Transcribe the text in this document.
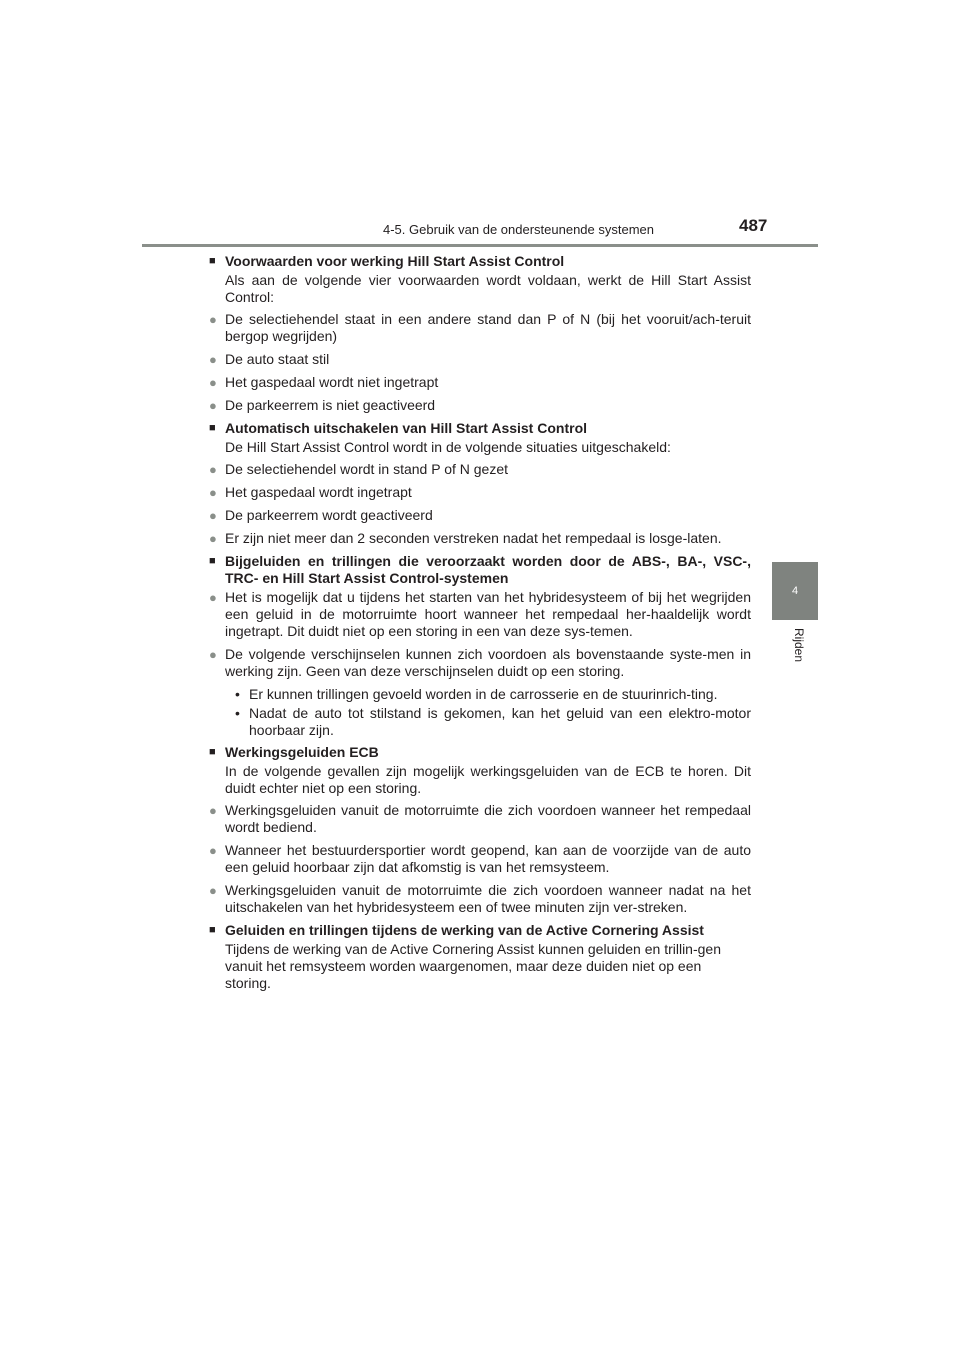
4-5. Gebruik van de ondersteunende systemen	487
4
Rijden
■ Voorwaarden voor werking Hill Start Assist Control
Als aan de volgende vier voorwaarden wordt voldaan, werkt de Hill Start Assist Control:
● De selectiehendel staat in een andere stand dan P of N (bij het vooruit/ach-teruit bergop wegrijden)
● De auto staat stil
● Het gaspedaal wordt niet ingetrapt
● De parkeerrem is niet geactiveerd
■ Automatisch uitschakelen van Hill Start Assist Control
De Hill Start Assist Control wordt in de volgende situaties uitgeschakeld:
● De selectiehendel wordt in stand P of N gezet
● Het gaspedaal wordt ingetrapt
● De parkeerrem wordt geactiveerd
● Er zijn niet meer dan 2 seconden verstreken nadat het rempedaal is losge-laten.
■ Bijgeluiden en trillingen die veroorzaakt worden door de ABS-, BA-, VSC-, TRC- en Hill Start Assist Control-systemen
● Het is mogelijk dat u tijdens het starten van het hybridesysteem of bij het wegrijden een geluid in de motorruimte hoort wanneer het rempedaal her-haaldelijk wordt ingetrapt. Dit duidt niet op een storing in een van deze sys-temen.
● De volgende verschijnselen kunnen zich voordoen als bovenstaande syste-men in werking zijn. Geen van deze verschijnselen duidt op een storing.
• Er kunnen trillingen gevoeld worden in de carrosserie en de stuurinrich-ting.
• Nadat de auto tot stilstand is gekomen, kan het geluid van een elektro-motor hoorbaar zijn.
■ Werkingsgeluiden ECB
In de volgende gevallen zijn mogelijk werkingsgeluiden van de ECB te horen. Dit duidt echter niet op een storing.
● Werkingsgeluiden vanuit de motorruimte die zich voordoen wanneer het rempedaal wordt bediend.
● Wanneer het bestuurdersportier wordt geopend, kan aan de voorzijde van de auto een geluid hoorbaar zijn dat afkomstig is van het remsysteem.
● Werkingsgeluiden vanuit de motorruimte die zich voordoen wanneer nadat na het uitschakelen van het hybridesysteem een of twee minuten zijn ver-streken.
■ Geluiden en trillingen tijdens de werking van de Active Cornering Assist
Tijdens de werking van de Active Cornering Assist kunnen geluiden en trillin-gen vanuit het remsysteem worden waargenomen, maar deze duiden niet op een storing.
